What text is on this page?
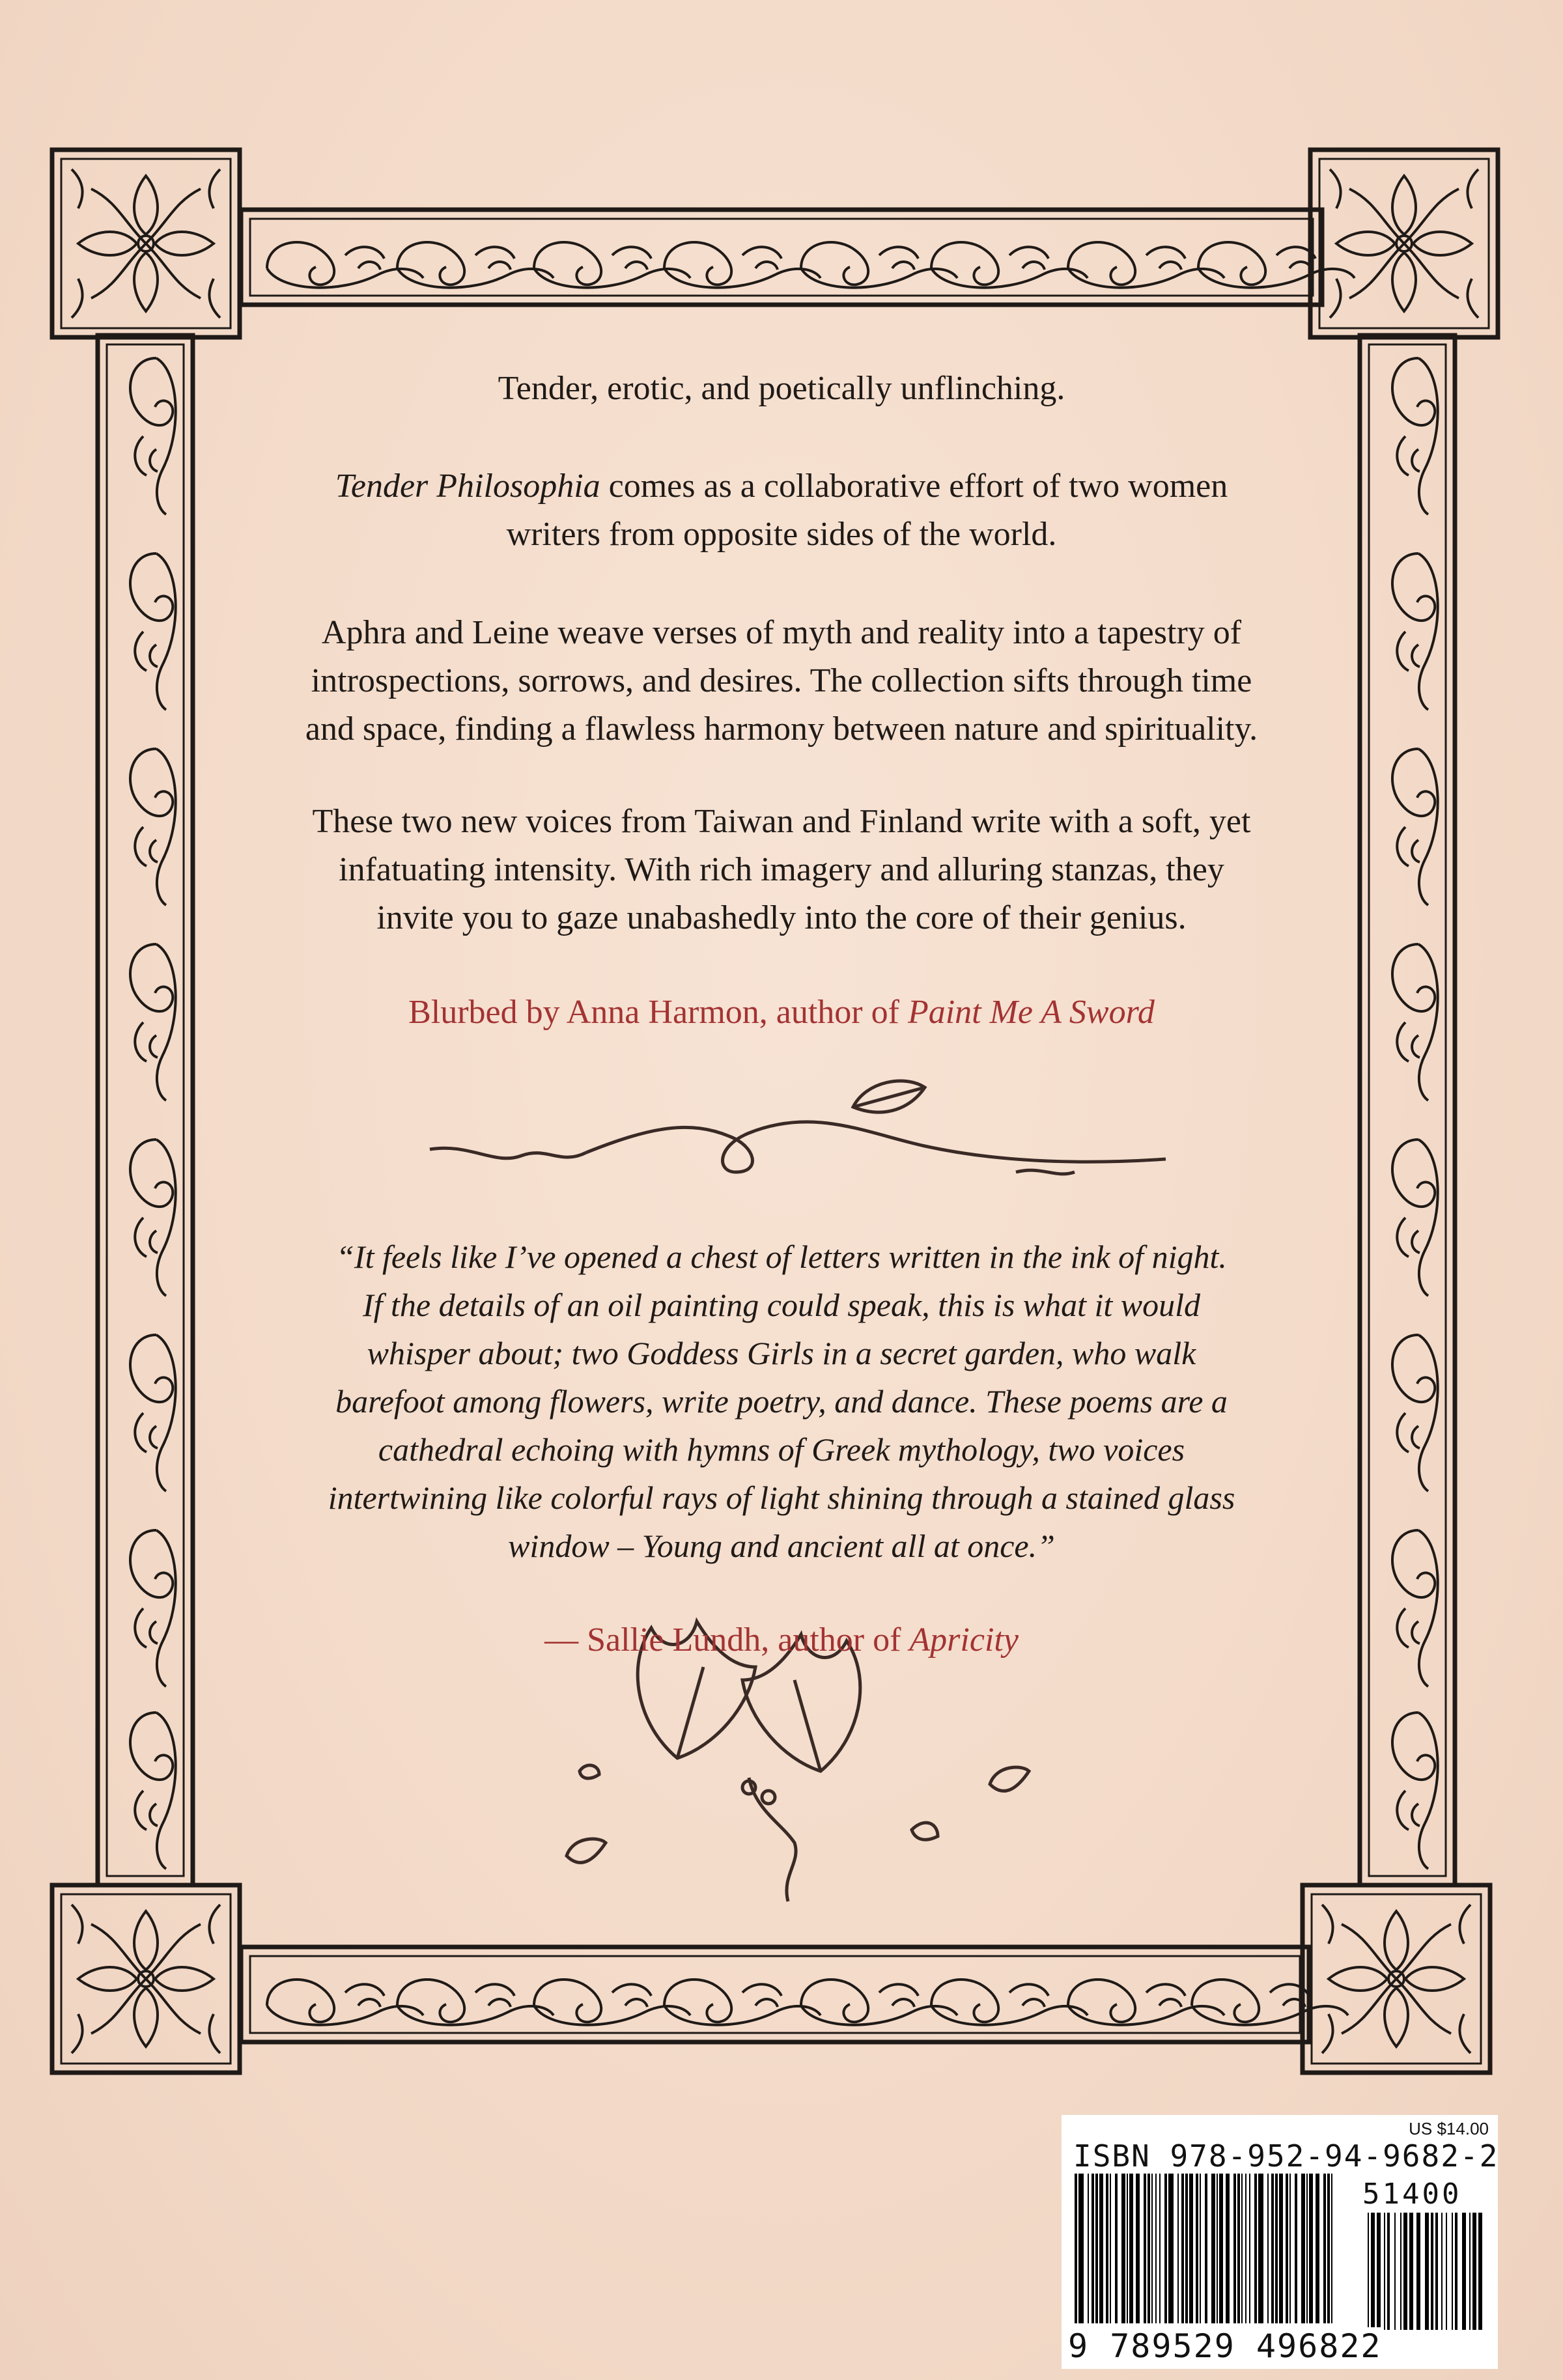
Tender, erotic, and poetically unflinching.

Tender Philosophia comes as a collaborative effort of two women
writers from opposite sides of the world.

Aphra and Leine weave verses of myth and reality into a tapestry of
introspections, sorrows, and desires. The collection sifts through time
and space, finding a flawless harmony between nature and spirituality.

These two new voices from Taiwan and Finland write with a soft, yet
infatuating intensity. With rich imagery and alluring stanzas, they
invite you to gaze unabashedly into the core of their genius.

Blurbed by Anna Harmon, author of Paint Me A Sword

“It feels like I’ve opened a chest of letters written in the ink of night.
If the details of an oil painting could speak, this is what it would
whisper about; two Goddess Girls in a secret garden, who walk
barefoot among flowers, write poetry, and dance. These poems are a
cathedral echoing with hymns of Greek mythology, two voices
intertwining like colorful rays of light shining through a stained glass
window – Young and ancient all at once.”

— Sallie Lundh, author of Apricity

US $14.00
ISBN 978-952-94-9682-2
51400
9 789529 496822
